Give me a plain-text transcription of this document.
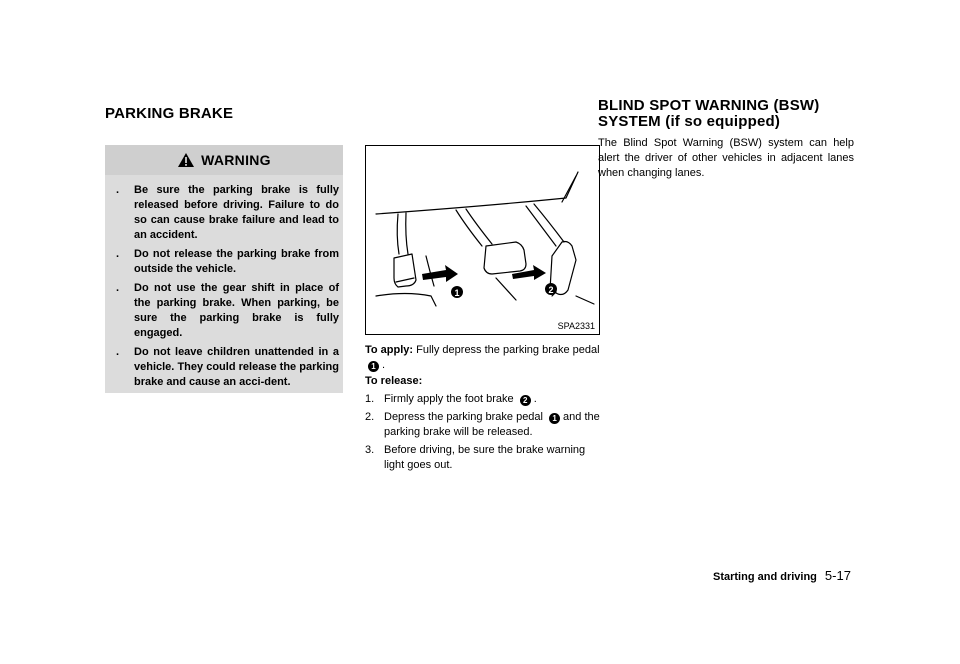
PARKING BRAKE
WARNING
. Be sure the parking brake is fully released before driving. Failure to do so can cause brake failure and lead to an accident.
. Do not release the parking brake from outside the vehicle.
. Do not use the gear shift in place of the parking brake. When parking, be sure the parking brake is fully engaged.
. Do not leave children unattended in a vehicle. They could release the parking brake and cause an acci-dent.
1	2
SPA2331
To apply: Fully depress the parking brake pedal
1 .
To release:
1. Firmly apply the foot brake 2 .
2. Depress the parking brake pedal 1 and the parking brake will be released.
3. Before driving, be sure the brake warning light goes out.
BLIND SPOT WARNING (BSW)
SYSTEM (if so equipped)
The Blind Spot Warning (BSW) system can help alert the driver of other vehicles in adjacent lanes when changing lanes.
Starting and driving 5-17
